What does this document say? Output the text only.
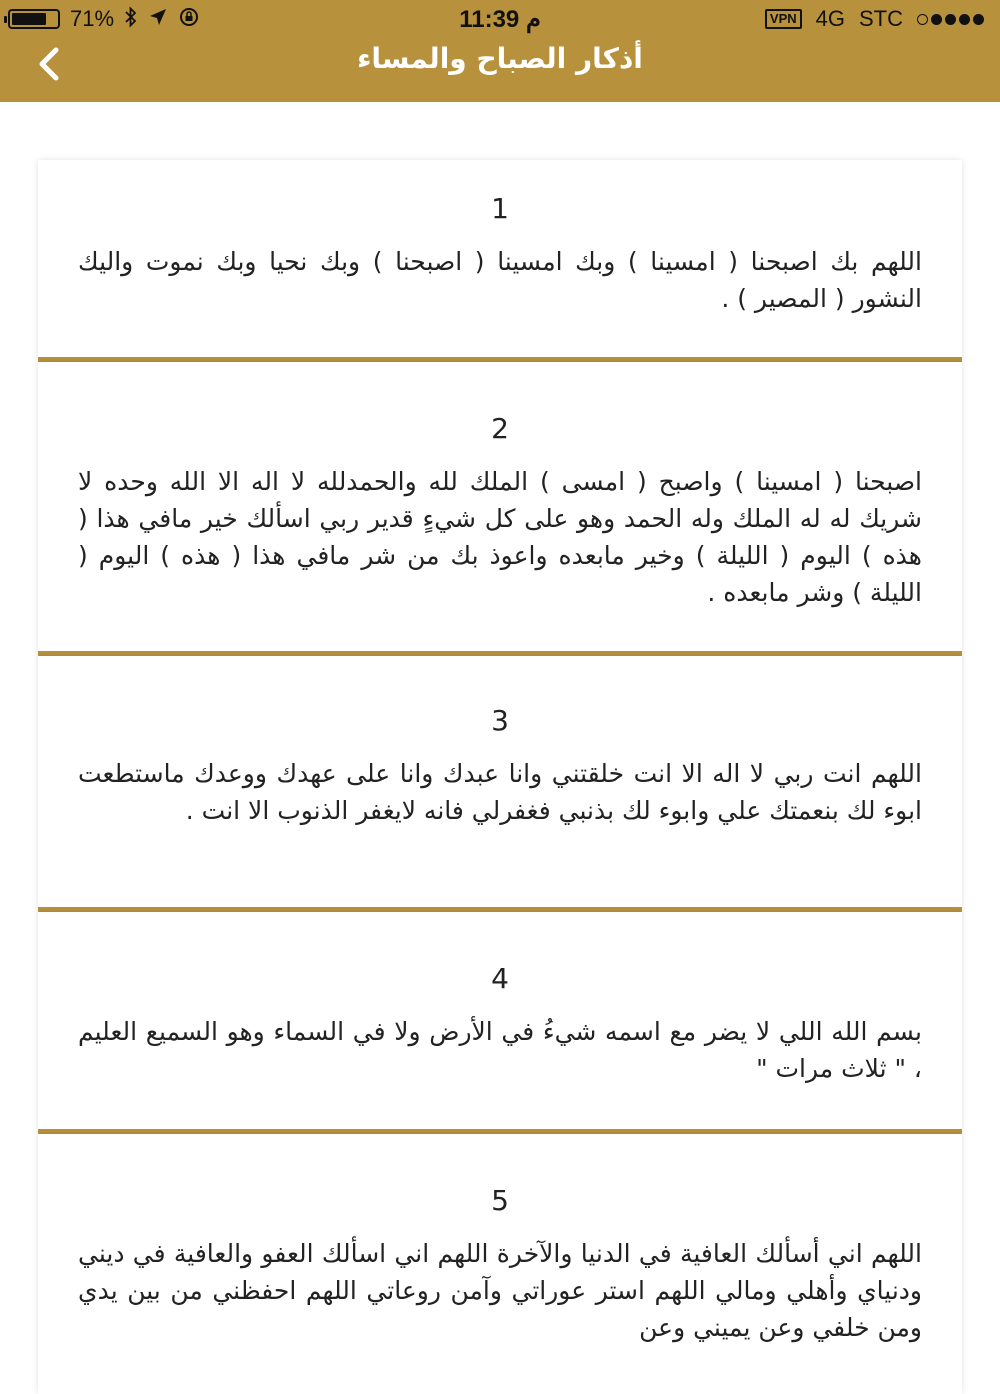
71%	11:39 م	VPN 4G STC
أذكار الصباح والمساء
1
اللهم بك اصبحنا ( امسينا ) وبك امسينا ( اصبحنا ) وبك نحيا وبك نموت واليك النشور ( المصير ) .
2
اصبحنا ( امسينا ) واصبح ( امسى ) الملك لله والحمدلله لا اله الا الله وحده لا شريك له له الملك وله الحمد وهو على كل شيءٍ قدير ربي اسألك خير مافي هذا ( هذه ) اليوم ( الليلة ) وخير مابعده واعوذ بك من شر مافي هذا ( هذه ) اليوم ( الليلة ) وشر مابعده .
3
اللهم انت ربي لا اله الا انت خلقتني وانا عبدك وانا على عهدك ووعدك ماستطعت ابوء لك بنعمتك علي وابوء لك بذنبي فغفرلي فانه لايغفر الذنوب الا انت .
4
بسم الله اللي لا يضر مع اسمه شيءُ في الأرض ولا في السماء وهو السميع العليم ، " ثلاث مرات "
5
اللهم اني أسألك العافية في الدنيا والآخرة اللهم اني اسألك العفو والعافية في ديني ودنياي وأهلي ومالي اللهم استر عوراتي وآمن روعاتي اللهم احفظني من بين يدي ومن خلفي وعن يميني وعن
